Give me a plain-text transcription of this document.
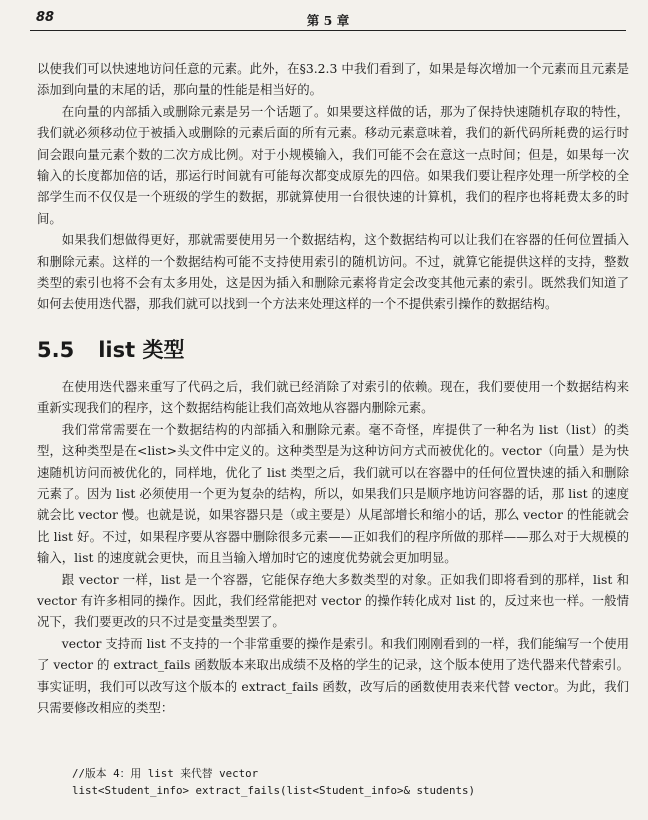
88	第 5 章

以使我们可以快速地访问任意的元素。此外，在§3.2.3 中我们看到了，如果是每次增加一个元素而且元素是添加到向量的末尾的话，那向量的性能是相当好的。

在向量的内部插入或删除元素是另一个话题了。如果要这样做的话，那为了保持快速随机存取的特性，我们就必须移动位于被插入或删除的元素后面的所有元素。移动元素意味着，我们的新代码所耗费的运行时间会跟向量元素个数的二次方成比例。对于小规模输入，我们可能不会在意这一点时间；但是，如果每一次输入的长度都加倍的话，那运行时间就有可能每次都变成原先的四倍。如果我们要让程序处理一所学校的全部学生而不仅仅是一个班级的学生的数据，那就算使用一台很快速的计算机，我们的程序也将耗费太多的时间。

如果我们想做得更好，那就需要使用另一个数据结构，这个数据结构可以让我们在容器的任何位置插入和删除元素。这样的一个数据结构可能不支持使用索引的随机访问。不过，就算它能提供这样的支持，整数类型的索引也将不会有太多用处，这是因为插入和删除元素将肯定会改变其他元素的索引。既然我们知道了如何去使用迭代器，那我们就可以找到一个方法来处理这样的一个不提供索引操作的数据结构。

5.5 list 类型

在使用迭代器来重写了代码之后，我们就已经消除了对索引的依赖。现在，我们要使用一个数据结构来重新实现我们的程序，这个数据结构能让我们高效地从容器内删除元素。

我们常常需要在一个数据结构的内部插入和删除元素。毫不奇怪，库提供了一种名为 list（list）的类型，这种类型是在<list>头文件中定义的。这种类型是为这种访问方式而被优化的。vector（向量）是为快速随机访问而被优化的，同样地，优化了 list 类型之后，我们就可以在容器中的任何位置快速的插入和删除元素了。因为 list 必须使用一个更为复杂的结构，所以，如果我们只是顺序地访问容器的话，那 list 的速度就会比 vector 慢。也就是说，如果容器只是（或主要是）从尾部增长和缩小的话，那么 vector 的性能就会比 list 好。不过，如果程序要从容器中删除很多元素——正如我们的程序所做的那样——那么对于大规模的输入，list 的速度就会更快，而且当输入增加时它的速度优势就会更加明显。

跟 vector 一样，list 是一个容器，它能保存绝大多数类型的对象。正如我们即将看到的那样，list 和 vector 有许多相同的操作。因此，我们经常能把对 vector 的操作转化成对 list 的，反过来也一样。一般情况下，我们要更改的只不过是变量类型罢了。

vector 支持而 list 不支持的一个非常重要的操作是索引。和我们刚刚看到的一样，我们能编写一个使用了 vector 的 extract_fails 函数版本来取出成绩不及格的学生的记录，这个版本使用了迭代器来代替索引。事实证明，我们可以改写这个版本的 extract_fails 函数，改写后的函数使用表来代替 vector。为此，我们只需要修改相应的类型：

//版本 4：用 list 来代替 vector
list<Student_info> extract_fails(list<Student_info>& students)
